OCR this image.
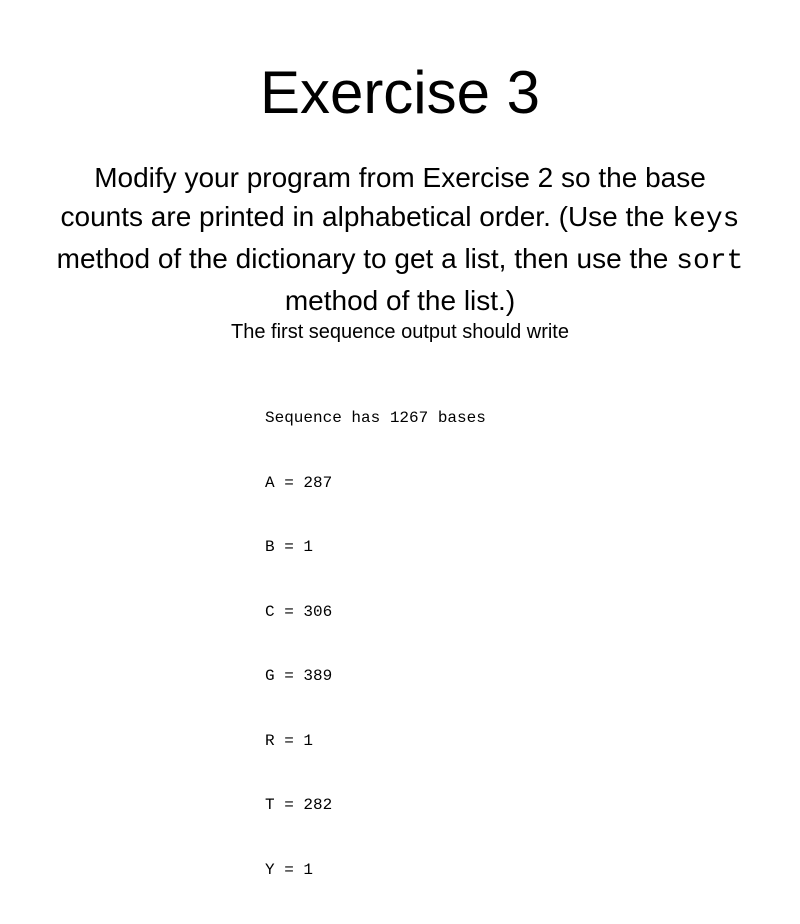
Exercise 3

Modify your program from Exercise 2 so the base counts are printed in alphabetical order. (Use the keys method of the dictionary to get a list, then use the sort method of the list.)

The first sequence output should write

Sequence has 1267 bases

A = 287

B = 1

C = 306

G = 389

R = 1

T = 282

Y = 1
